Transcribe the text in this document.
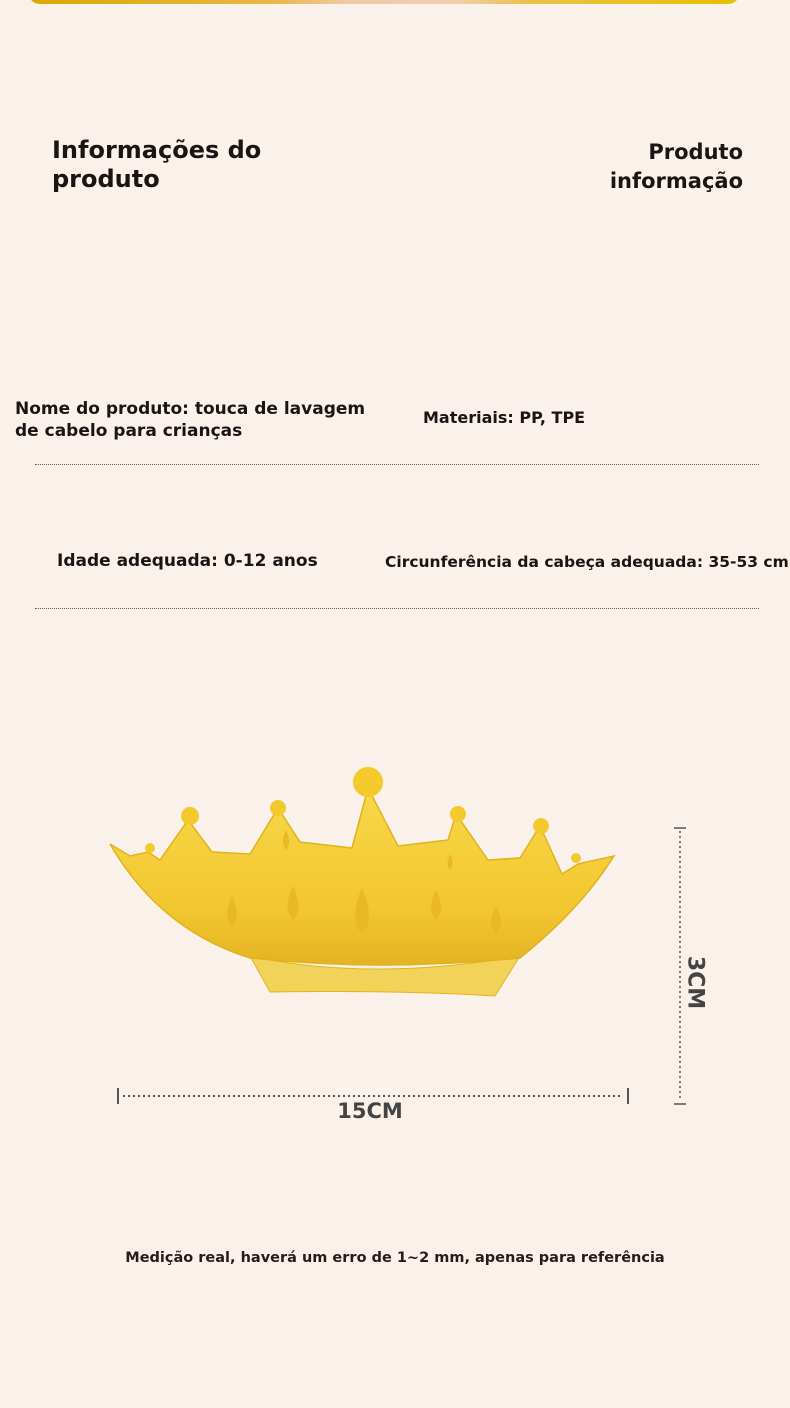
Informações do produto
Produto
informação
Nome do produto: touca de lavagem de cabelo para crianças
Materiais: PP, TPE
Idade adequada: 0-12 anos	Circunferência da cabeça adequada: 35-53 cm
15CM
3CM
Medição real, haverá um erro de 1~2 mm, apenas para referência
